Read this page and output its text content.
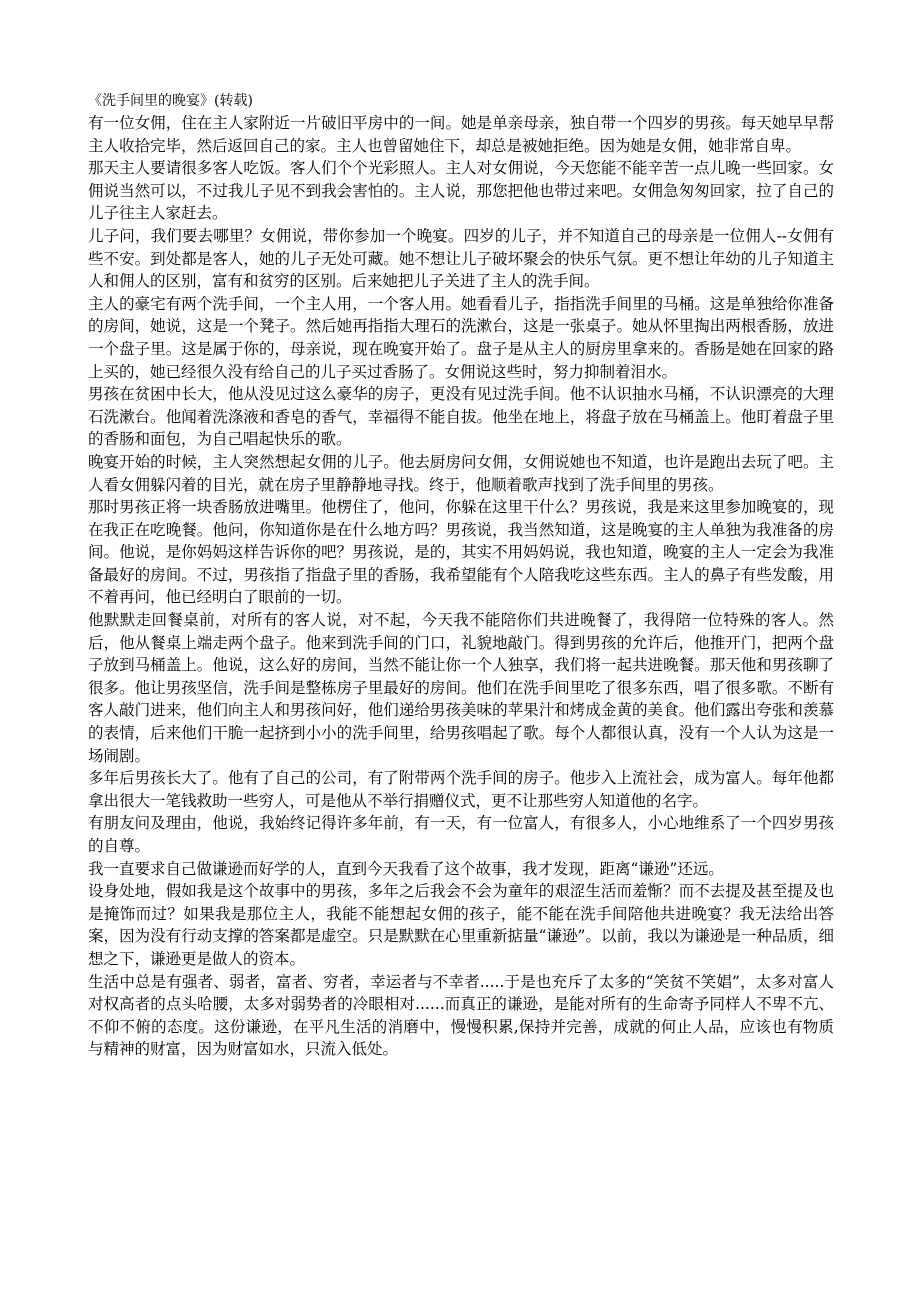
《洗手间里的晚宴》(转载)

有一位女佣，住在主人家附近一片破旧平房中的一间。她是单亲母亲，独自带一个四岁的男孩。每天她早早帮主人收拾完毕，然后返回自己的家。主人也曾留她住下，却总是被她拒绝。因为她是女佣，她非常自卑。

那天主人要请很多客人吃饭。客人们个个光彩照人。主人对女佣说，今天您能不能辛苦一点儿晚一些回家。女佣说当然可以，不过我儿子见不到我会害怕的。主人说，那您把他也带过来吧。女佣急匆匆回家，拉了自己的儿子往主人家赶去。

儿子问，我们要去哪里？女佣说，带你参加一个晚宴。四岁的儿子，并不知道自己的母亲是一位佣人--女佣有些不安。到处都是客人，她的儿子无处可藏。她不想让儿子破坏聚会的快乐气氛。更不想让年幼的儿子知道主人和佣人的区别，富有和贫穷的区别。后来她把儿子关进了主人的洗手间。

主人的豪宅有两个洗手间，一个主人用，一个客人用。她看看儿子，指指洗手间里的马桶。这是单独给你准备的房间，她说，这是一个凳子。然后她再指指大理石的洗漱台，这是一张桌子。她从怀里掏出两根香肠，放进一个盘子里。这是属于你的，母亲说，现在晚宴开始了。盘子是从主人的厨房里拿来的。香肠是她在回家的路上买的，她已经很久没有给自己的儿子买过香肠了。女佣说这些时，努力抑制着泪水。

男孩在贫困中长大，他从没见过这么豪华的房子，更没有见过洗手间。他不认识抽水马桶，不认识漂亮的大理石洗漱台。他闻着洗涤液和香皂的香气，幸福得不能自拔。他坐在地上，将盘子放在马桶盖上。他盯着盘子里的香肠和面包，为自己唱起快乐的歌。

晚宴开始的时候，主人突然想起女佣的儿子。他去厨房问女佣，女佣说她也不知道，也许是跑出去玩了吧。主人看女佣躲闪着的目光，就在房子里静静地寻找。终于，他顺着歌声找到了洗手间里的男孩。

那时男孩正将一块香肠放进嘴里。他楞住了，他问，你躲在这里干什么？男孩说，我是来这里参加晚宴的，现在我正在吃晚餐。他问，你知道你是在什么地方吗？男孩说，我当然知道，这是晚宴的主人单独为我准备的房间。他说，是你妈妈这样告诉你的吧？男孩说，是的，其实不用妈妈说，我也知道，晚宴的主人一定会为我准备最好的房间。不过，男孩指了指盘子里的香肠，我希望能有个人陪我吃这些东西。主人的鼻子有些发酸，用不着再问，他已经明白了眼前的一切。

他默默走回餐桌前，对所有的客人说，对不起，今天我不能陪你们共进晚餐了，我得陪一位特殊的客人。然后，他从餐桌上端走两个盘子。他来到洗手间的门口，礼貌地敲门。得到男孩的允许后，他推开门，把两个盘子放到马桶盖上。他说，这么好的房间，当然不能让你一个人独享，我们将一起共进晚餐。那天他和男孩聊了很多。他让男孩坚信，洗手间是整栋房子里最好的房间。他们在洗手间里吃了很多东西，唱了很多歌。不断有客人敲门进来，他们向主人和男孩问好，他们递给男孩美味的苹果汁和烤成金黄的美食。他们露出夸张和羡慕的表情，后来他们干脆一起挤到小小的洗手间里，给男孩唱起了歌。每个人都很认真，没有一个人认为这是一场闹剧。

多年后男孩长大了。他有了自己的公司，有了附带两个洗手间的房子。他步入上流社会，成为富人。每年他都拿出很大一笔钱救助一些穷人，可是他从不举行捐赠仪式，更不让那些穷人知道他的名字。

有朋友问及理由，他说，我始终记得许多年前，有一天，有一位富人，有很多人，小心地维系了一个四岁男孩的自尊。

我一直要求自己做谦逊而好学的人，直到今天我看了这个故事，我才发现，距离“谦逊”还远。

设身处地，假如我是这个故事中的男孩，多年之后我会不会为童年的艰涩生活而羞惭？而不去提及甚至提及也是掩饰而过？如果我是那位主人，我能不能想起女佣的孩子，能不能在洗手间陪他共进晚宴？我无法给出答案，因为没有行动支撑的答案都是虚空。只是默默在心里重新掂量“谦逊”。以前，我以为谦逊是一种品质，细想之下，谦逊更是做人的资本。

生活中总是有强者、弱者，富者、穷者，幸运者与不幸者.....于是也充斥了太多的“笑贫不笑娼”，太多对富人对权高者的点头哈腰，太多对弱势者的冷眼相对......而真正的谦逊，是能对所有的生命寄予同样人不卑不亢、不仰不俯的态度。这份谦逊，在平凡生活的消磨中，慢慢积累,保持并完善，成就的何止人品，应该也有物质与精神的财富，因为财富如水，只流入低处。
